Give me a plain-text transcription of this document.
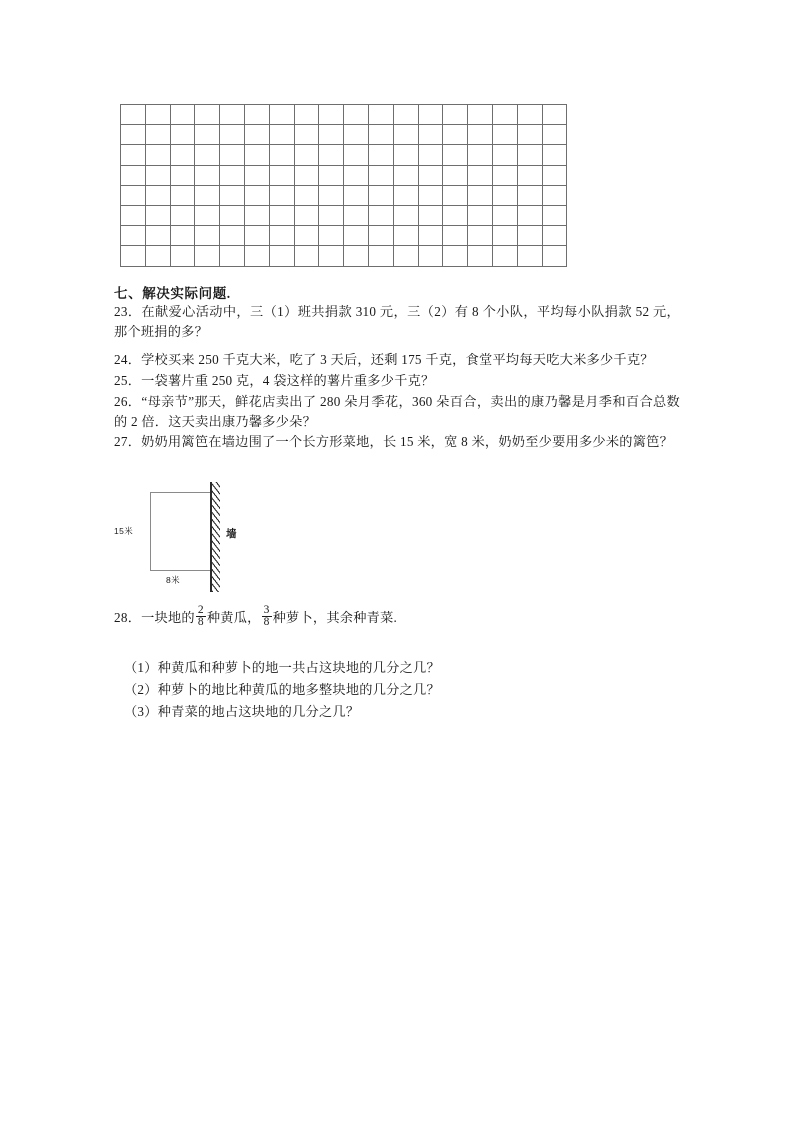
七、解决实际问题.
23．在献爱心活动中，三（1）班共捐款 310 元，三（2）有 8 个小队，平均每小队捐款 52 元，那个班捐的多？
24．学校买来 250 千克大米，吃了 3 天后，还剩 175 千克，食堂平均每天吃大米多少千克？
25．一袋薯片重 250 克，4 袋这样的薯片重多少千克？
26．“母亲节”那天，鲜花店卖出了 280 朵月季花，360 朵百合，卖出的康乃馨是月季和百合总数的 2 倍．这天卖出康乃馨多少朵？
27．奶奶用篱笆在墙边围了一个长方形菜地，长 15 米，宽 8 米，奶奶至少要用多少米的篱笆？
墙
15米
8米
28．一块地的 $\frac{2}{8}$ 种黄瓜， $\frac{3}{8}$ 种萝卜，其余种青菜.
（1）种黄瓜和种萝卜的地一共占这块地的几分之几？
（2）种萝卜的地比种黄瓜的地多整块地的几分之几？
（3）种青菜的地占这块地的几分之几？
